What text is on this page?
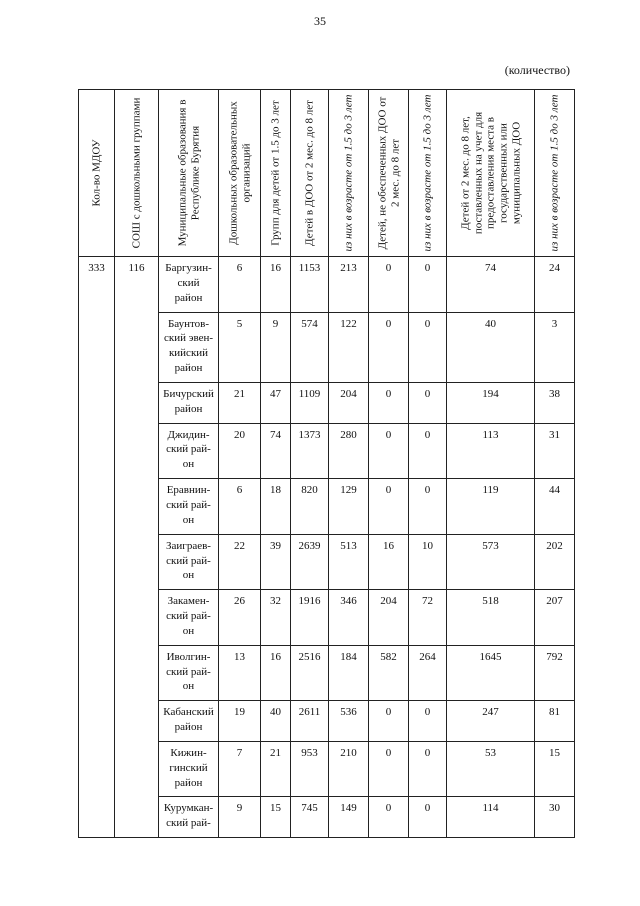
35
(количество)
Кол-во МДОУ	СОШ с дошкольными группами	Муниципальные образования в Республике Бурятия	Дошкольных образовательных организаций	Групп для детей от 1.5 до 3 лет	Детей в ДОО от 2 мес. до 8 лет	из них в возрасте от 1.5 до 3 лет	Детей, не обеспеченных ДОО от 2 мес. до 8 лет	из них в возрасте от 1.5 до 3 лет	Детей от 2 мес. до 8 лет, поставленных на учет для предоставления места в государственных или муниципальных ДОО	из них в возрасте от 1.5 до 3 лет

333	116	Баргузин-
ский
район	6	16	1153	213	0	0	74	24
		Баунтов-
ский эвен-
кийский
район	5	9	574	122	0	0	40	3
		Бичурский
район	21	47	1109	204	0	0	194	38
		Джидин-
ский рай-
он	20	74	1373	280	0	0	113	31
		Еравнин-
ский рай-
он	6	18	820	129	0	0	119	44
		Заиграев-
ский рай-
он	22	39	2639	513	16	10	573	202
		Закамен-
ский рай-
он	26	32	1916	346	204	72	518	207
		Иволгин-
ский рай-
он	13	16	2516	184	582	264	1645	792
		Кабанский
район	19	40	2611	536	0	0	247	81
		Кижин-
гинский
район	7	21	953	210	0	0	53	15
		Курумкан-
ский рай-	9	15	745	149	0	0	114	30
